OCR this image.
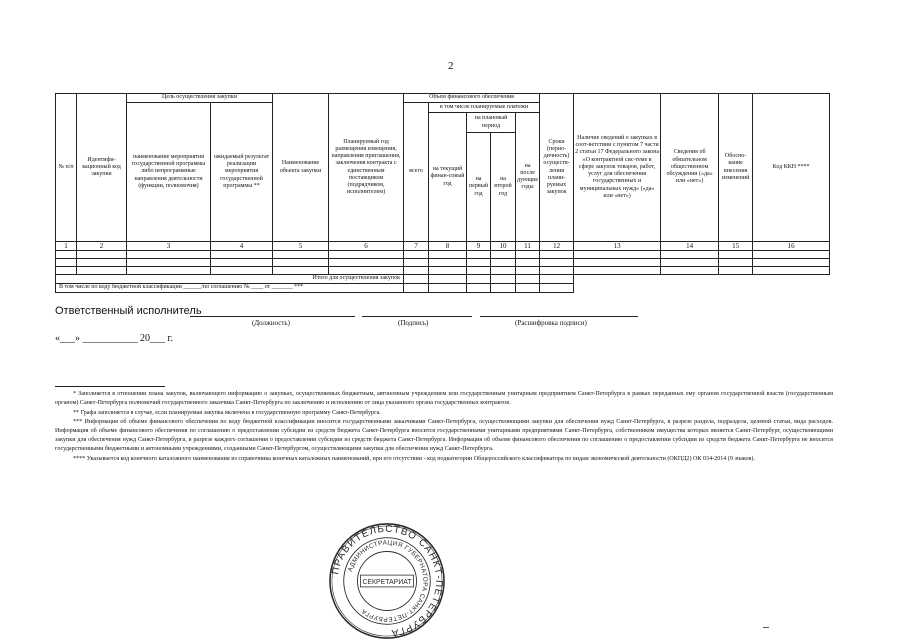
2
№ п/п	Идентифи-кационный код закупки	Цель осуществления закупки		Наименование объекта закупки	Планируемый год размещения извещения, направления приглашения, заключения контракта с единственным поставщиком (подрядчиком, исполнителем)	Объем финансового обеспечения					Сроки (перио-дичность) осуществ-ления плани-руемых закупок	Наличие сведений о закупках в соот-ветствии с пунктом 7 части 2 статьи 17 Федерального закона «О контрактной сис-теме в сфере закупок товаров, работ, услуг для обеспечения государственных и муниципальных нужд» («да» или «нет»)	Сведения об обязательном общественном обсуждении («да» или «нет»)	Обосно-вание внесения изменений	Код ККН ****
		наименование мероприятия государственной программы либо непрограммные направления деятельности (функции, полномочия)	ожидаемый результат реализации мероприятия государственной программы **			всего	в том числе планируемые платежи								
							на текущий финан-совый год	на плановый период		на после дующие годы					
								на первый год	на второй год						
1	2	3	4	5	6	7	8	9	10	11	12	13	14	15	16

Итого для осуществления закупок															
В том числе по коду бюджетной классификации ______/по соглашению № ____ от _______ ***															
Ответственный исполнитель
(Должность)	(Подпись)	(Расшифровка подписи)
«___» ___________ 20___ г.

* Заполняется в отношении плана закупок, включающего информацию о закупках, осуществляемых бюджетным, автономным учреждением или государственным унитарным предприятием Санкт-Петербурга в рамках переданных ему органом государственной власти (государственным органом) Санкт-Петербурга полномочий государственного заказчика Санкт-Петербурга по заключению и исполнению от лица указанного органа государственных контрактов.

** Графа заполняется в случае, если планируемая закупка включена в государственную программу Санкт-Петербурга.

*** Информация об объеме финансового обеспечения по коду бюджетной классификации вносится государственными заказчиками Санкт-Петербурга, осуществляющими закупки для обеспечения нужд Санкт-Петербурга, в разрезе раздела, подраздела, целевой статьи, вида расходов. Информация об объеме финансового обеспечения по соглашению о предоставлении субсидии из средств бюджета Санкт-Петербурга вносится государственными унитарными предприятиями Санкт-Петербурга, собственником имущества которых является Санкт-Петербург, осуществляющими закупки для обеспечения нужд Санкт-Петербурга, в разрезе каждого соглашения о предоставлении субсидии из средств бюджета Санкт-Петербурга. Информация об объеме финансового обеспечения по соглашению о предоставлении субсидии из средств бюджета Санкт-Петербурга не вносится государственными бюджетными и автономными учреждениями, созданными Санкт-Петербургом, осуществляющими закупки для обеспечения нужд Санкт-Петербурга.

**** Указывается код конечного каталожного наименования из справочника конечных каталожных наименований, при его отсутствии - код подкатегории Общероссийского классификатора по видам экономической деятельности (ОКПД2) ОК 034-2014 (9 знаков).

ПРАВИТЕЛЬСТВО САНКТ-ПЕТЕРБУРГА
АДМИНИСТРАЦИЯ ГУБЕРНАТОРА САНКТ-ПЕТЕРБУРГА
СЕКРЕТАРИАТ
